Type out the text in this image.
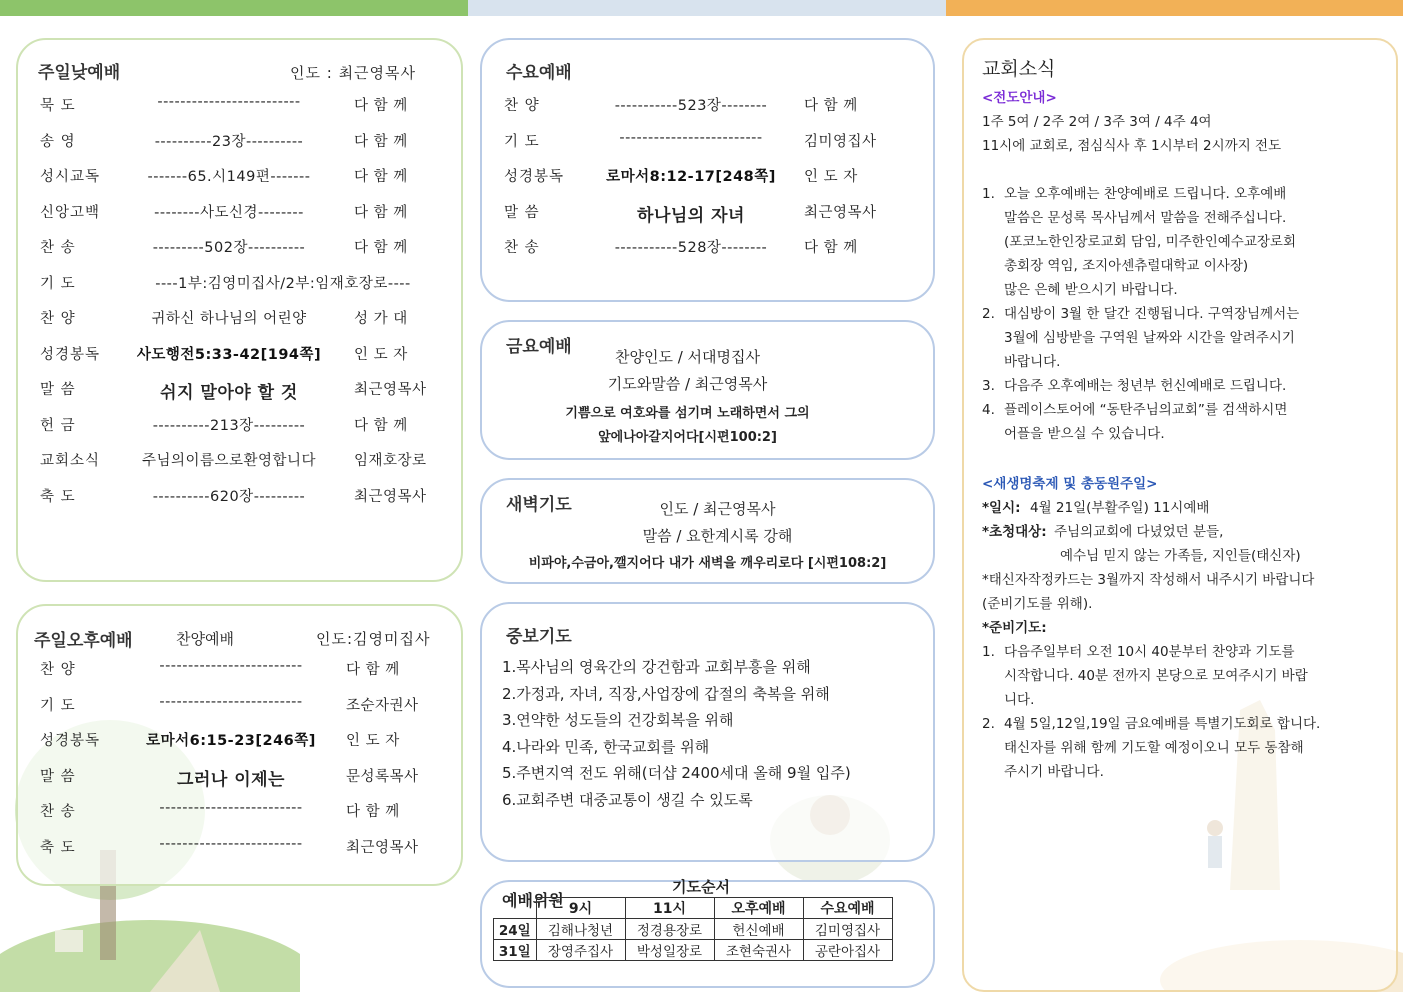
주일낮예배	인도 : 최근영목사
묵 도	-------------------------	다 함 께
송 영	----------23장----------	다 함 께
성시교독	-------65.시149편-------	다 함 께
신앙고백	--------사도신경--------	다 함 께
찬 송	---------502장----------	다 함 께
기 도	----1부:김영미집사/2부:임재호장로----
찬 양	귀하신 하나님의 어린양	성 가 대
성경봉독	사도행전5:33-42[194쪽]	인 도 자
말 씀	쉬지 말아야 할 것	최근영목사
헌 금	----------213장---------	다 함 께
교회소식	주님의이름으로환영합니다	임재호장로
축 도	----------620장---------	최근영목사
주일오후예배	찬양예배	인도:김영미집사
찬 양	-------------------------	다 함 께
기 도	-------------------------	조순자권사
성경봉독	로마서6:15-23[246쪽]	인 도 자
말 씀	그러나 이제는	문성록목사
찬 송	-------------------------	다 함 께
축 도	-------------------------	최근영목사
수요예배
찬 양	-----------523장--------	다 함 께
기 도	-------------------------	김미영집사
성경봉독	로마서8:12-17[248쪽]	인 도 자
말 씀	하나님의 자녀	최근영목사
찬 송	-----------528장--------	다 함 께
금요예배	찬양인도 / 서대명집사
기도와말씀 / 최근영목사
기쁨으로 여호와를 섬기며 노래하면서 그의
앞에나아갈지어다[시편100:2]
새벽기도	인도 / 최근영목사
말씀 / 요한계시록 강해
비파야,수금아,깰지어다 내가 새벽을 깨우리로다 [시편108:2]
중보기도
1.목사님의 영육간의 강건함과 교회부흥을 위해
2.가정과, 자녀, 직장,사업장에 갑절의 축복을 위해
3.연약한 성도들의 건강회복을 위해
4.나라와 민족, 한국교회를 위해
5.주변지역 전도 위해(더샵 2400세대 올해 9월 입주)
6.교회주변 대중교통이 생길 수 있도록
기도순서
예배위원
	9시	11시	오후예배	수요예배
24일	김해나청년	정경용장로	헌신예배	김미영집사
31일	장영주집사	박성일장로	조현숙권사	공란아집사
교회소식
<전도안내>
1주 5여 / 2주 2여 / 3주 3여 / 4주 4여
11시에 교회로, 점심식사 후 1시부터 2시까지 전도
1. 오늘 오후예배는 찬양예배로 드립니다. 오후예배
말씀은 문성록 목사님께서 말씀을 전해주십니다.
(포코노한인장로교회 담임, 미주한인예수교장로회
총회장 역임, 조지아센츄럴대학교 이사장)
많은 은혜 받으시기 바랍니다.
2. 대심방이 3월 한 달간 진행됩니다. 구역장님께서는
3월에 심방받을 구역원 날짜와 시간을 알려주시기
바랍니다.
3. 다음주 오후예배는 청년부 헌신예배로 드립니다.
4. 플레이스토어에 “동탄주님의교회”를 검색하시면
어플을 받으실 수 있습니다.
<새생명축제 및 총동원주일>
*일시: 4월 21일(부활주일) 11시예배
*초청대상: 주님의교회에 다녔었던 분들,
예수님 믿지 않는 가족들, 지인들(태신자)
*태신자작정카드는 3월까지 작성해서 내주시기 바랍니다
(준비기도를 위해).
*준비기도:
1. 다음주일부터 오전 10시 40분부터 찬양과 기도를
시작합니다. 40분 전까지 본당으로 모여주시기 바랍
니다.
2. 4월 5일,12일,19일 금요예배를 특별기도회로 합니다.
태신자를 위해 함께 기도할 예정이오니 모두 동참해
주시기 바랍니다.
